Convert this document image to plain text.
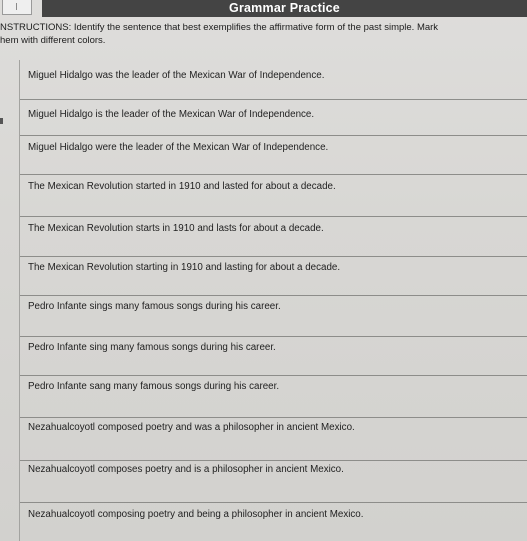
Grammar Practice
NSTRUCTIONS: Identify the sentence that best exemplifies the affirmative form of the past simple. Mark
hem with different colors.
Miguel Hidalgo was the leader of the Mexican War of Independence.
Miguel Hidalgo is the leader of the Mexican War of Independence.
Miguel Hidalgo were the leader of the Mexican War of Independence.
The Mexican Revolution started in 1910 and lasted for about a decade.
The Mexican Revolution starts in 1910 and lasts for about a decade.
The Mexican Revolution starting in 1910 and lasting for about a decade.
Pedro Infante sings many famous songs during his career.
Pedro Infante sing many famous songs during his career.
Pedro Infante sang many famous songs during his career.
Nezahualcoyotl composed poetry and was a philosopher in ancient Mexico.
Nezahualcoyotl composes poetry and is a philosopher in ancient Mexico.
Nezahualcoyotl composing poetry and being a philosopher in ancient Mexico.
